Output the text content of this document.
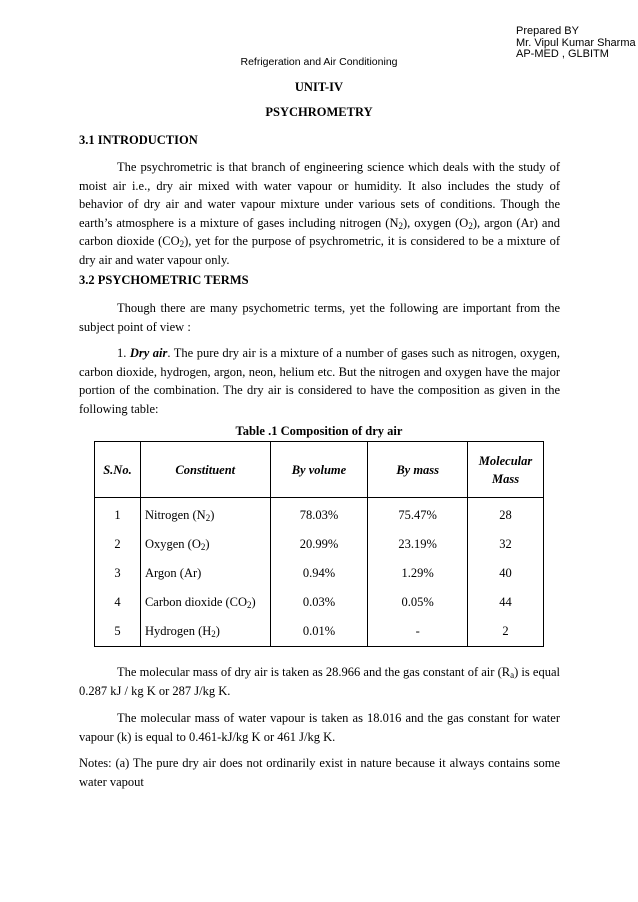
Prepared BY
Mr. Vipul Kumar Sharma
AP-MED , GLBITM
Refrigeration and Air Conditioning
UNIT-IV
PSYCHROMETRY
3.1 INTRODUCTION

The psychrometric is that branch of engineering science which deals with the study of moist air i.e., dry air mixed with water vapour or humidity. It also includes the study of behavior of dry air and water vapour mixture under various sets of conditions. Though the earth’s atmosphere is a mixture of gases including nitrogen $(N_2)$, oxygen $(O_2)$, argon (Ar) and carbon dioxide $(CO_2)$, yet for the purpose of psychrometric, it is considered to be a mixture of dry air and water vapour only.

3.2 PSYCHOMETRIC TERMS

Though there are many psychometric terms, yet the following are important from the subject point of view :

1. Dry air. The pure dry air is a mixture of a number of gases such as nitrogen, oxygen, carbon dioxide, hydrogen, argon, neon, helium etc. But the nitrogen and oxygen have the major portion of the combination. The dry air is considered to have the composition as given in the following table:

Table .1 Composition of dry air
S.No.	Constituent	By volume	By mass	Molecular Mass
1	Nitrogen $(N_2)$	78.03%	75.47%	28
2	Oxygen $(O_2)$	20.99%	23.19%	32
3	Argon (Ar)	0.94%	1.29%	40
4	Carbon dioxide $(CO_2)$	0.03%	0.05%	44
5	Hydrogen $(H_2)$	0.01%	-	2

The molecular mass of dry air is taken as 28.966 and the gas constant of air $(R_a)$ is equal 0.287 kJ / kg K or 287 J/kg K.

The molecular mass of water vapour is taken as 18.016 and the gas constant for water vapour (k) is equal to 0.461-kJ/kg K or 461 J/kg K.

Notes: (a) The pure dry air does not ordinarily exist in nature because it always contains some water vapout
